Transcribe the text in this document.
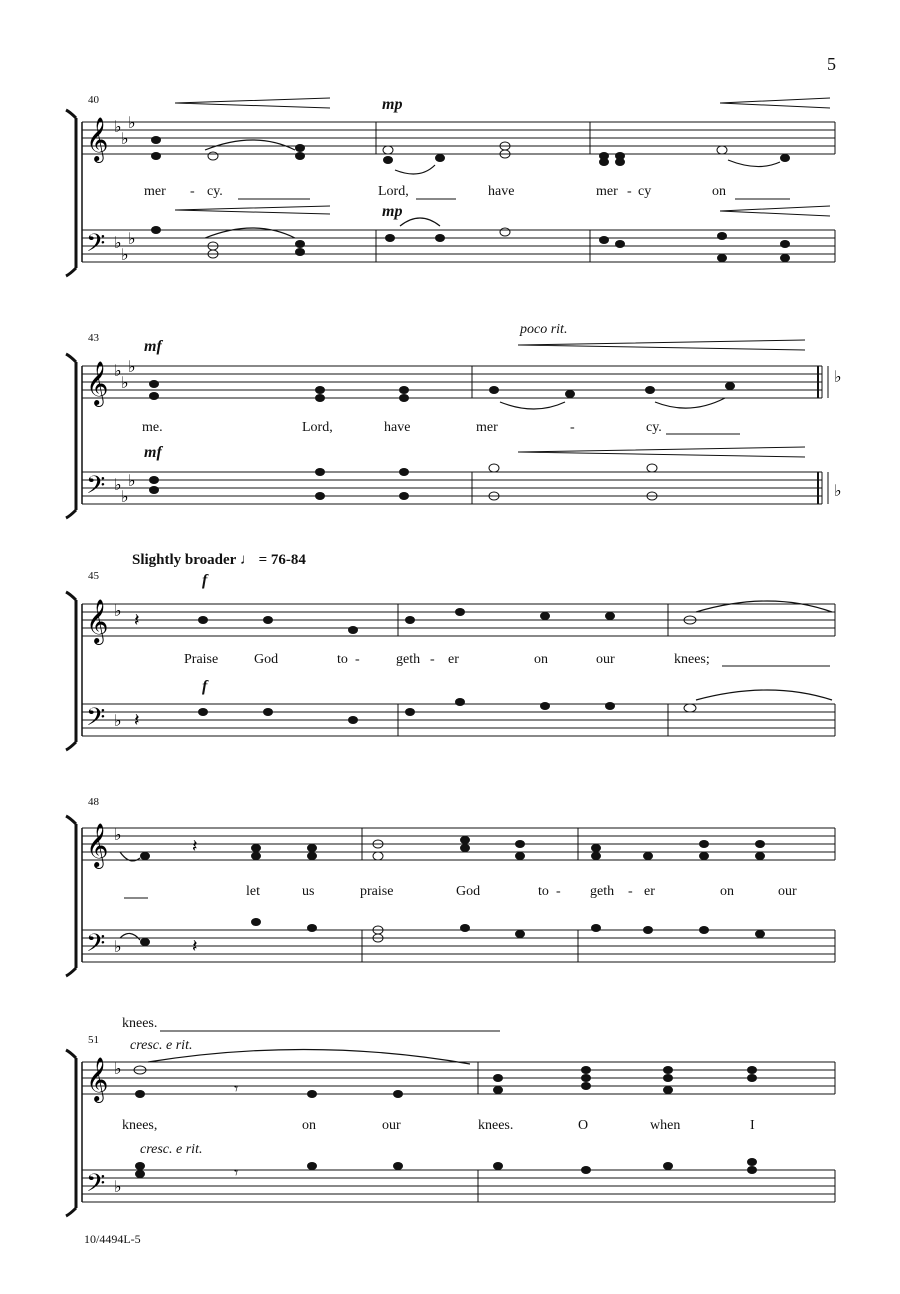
5
𝄞
𝄢
♭
♭
♭
♭
♭
♭
40	mp
mp
mer - cy.	Lord,	have	mer - cy	on
𝄞
𝄢
♭
♭
♭
♭
♭
♭
♭
♭
43	mf
mf
poco rit.
me.	Lord,	have	mer	-	cy.
𝄞
𝄢
♭
♭
𝄽
𝄽
Slightly broader ♩ = 76-84
45	f
f
Praise	God	to -	geth - er	on	our	knees;
𝄞
𝄢
♭
♭
𝄽
𝄽
48
let	us	praise	God	to - geth - er	on	our
𝄞
𝄢
♭
♭
𝄾
𝄾
51
knees.
cresc. e rit.
cresc. e rit.
knees,	on	our	knees.	O	when	I
10/4494L-5
